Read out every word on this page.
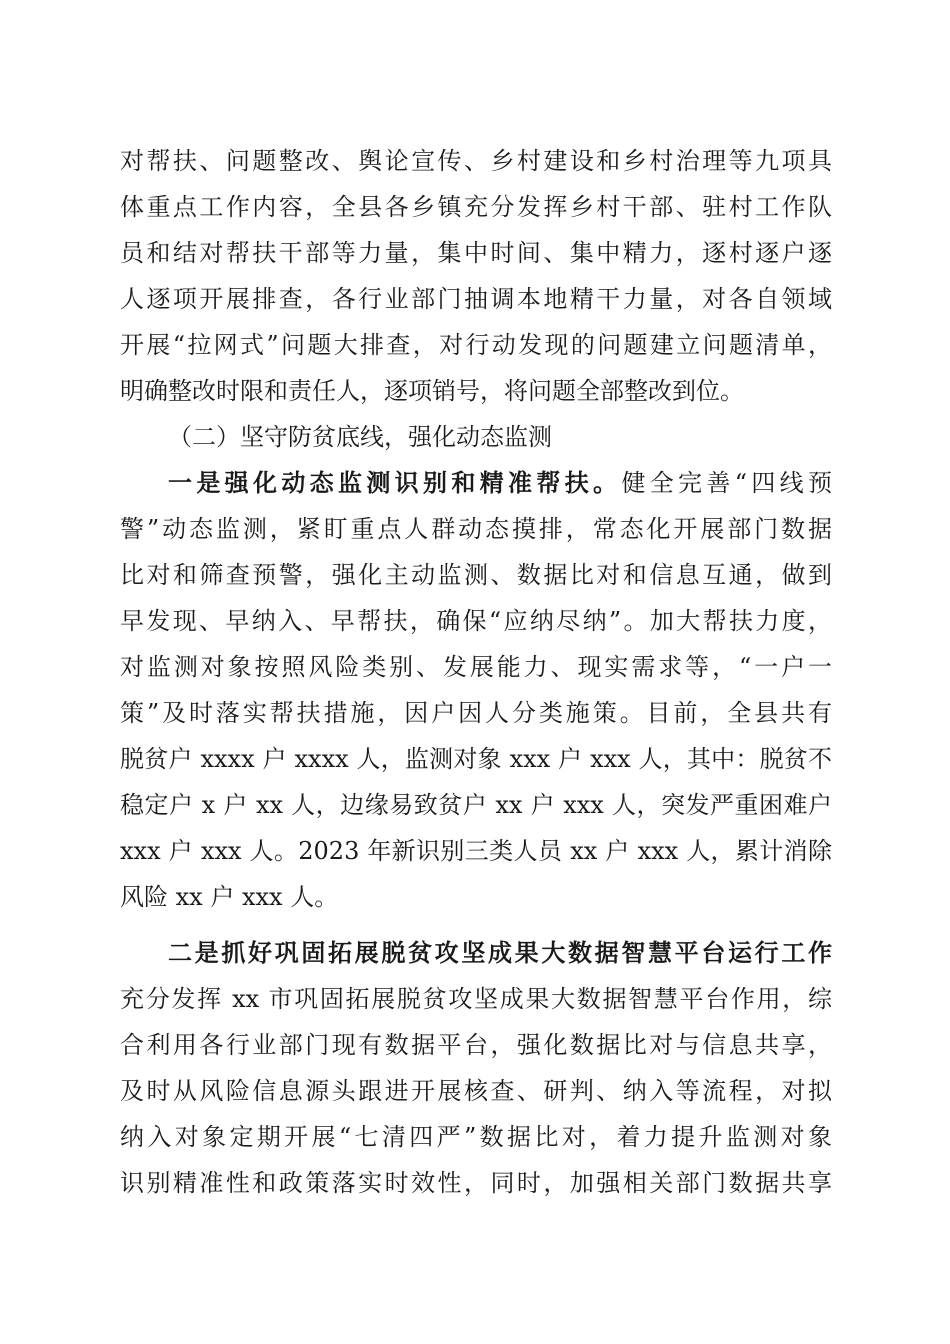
对帮扶、问题整改、舆论宣传、乡村建设和乡村治理等九项具
体重点工作内容，全县各乡镇充分发挥乡村干部、驻村工作队
员和结对帮扶干部等力量，集中时间、集中精力，逐村逐户逐
人逐项开展排查，各行业部门抽调本地精干力量，对各自领域
开展“拉网式”问题大排查，对行动发现的问题建立问题清单，
明确整改时限和责任人，逐项销号，将问题全部整改到位。
（二）坚守防贫底线，强化动态监测
一是强化动态监测识别和精准帮扶。健全完善“四线预
警”动态监测，紧盯重点人群动态摸排，常态化开展部门数据
比对和筛查预警，强化主动监测、数据比对和信息互通，做到
早发现、早纳入、早帮扶，确保“应纳尽纳”。加大帮扶力度，
对监测对象按照风险类别、发展能力、现实需求等，“一户一
策”及时落实帮扶措施，因户因人分类施策。目前，全县共有
脱贫户 xxxx 户 xxxx 人，监测对象 xxx 户 xxx 人，其中：脱贫不
稳定户 x 户 xx 人，边缘易致贫户 xx 户 xxx 人，突发严重困难户
xxx 户 xxx 人。2023 年新识别三类人员 xx 户 xxx 人，累计消除
风险 xx 户 xxx 人。
二是抓好巩固拓展脱贫攻坚成果大数据智慧平台运行工作
充分发挥 xx 市巩固拓展脱贫攻坚成果大数据智慧平台作用，综
合利用各行业部门现有数据平台，强化数据比对与信息共享，
及时从风险信息源头跟进开展核查、研判、纳入等流程，对拟
纳入对象定期开展“七清四严”数据比对，着力提升监测对象
识别精准性和政策落实时效性，同时，加强相关部门数据共享
